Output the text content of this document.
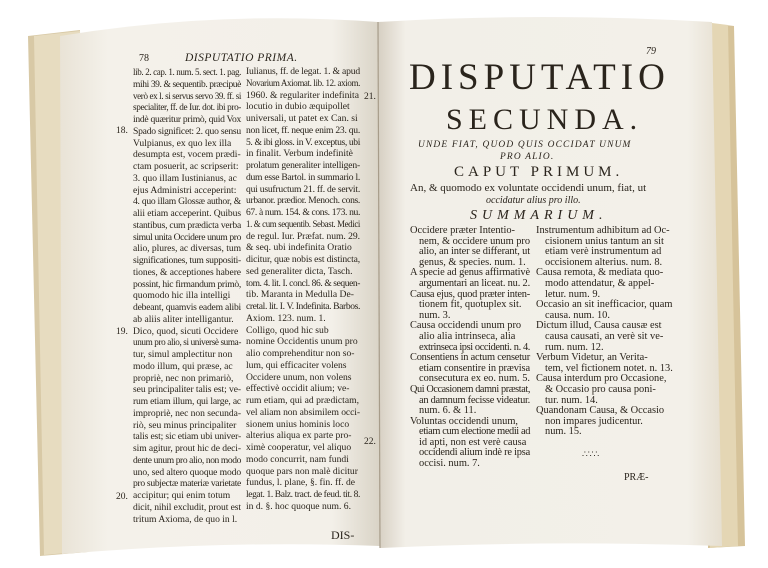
78	DISPUTATIO PRIMA.
lib. 2. cap. 1. num. 5. sect. 1. pag.
mihi 39. & sequentib. præcipuè
verò ex l. si servus servo 39. ff. si
specialiter, ff. de Iur. dot. ibi pro-
indè quæritur primò, quid Vox
Spado significet: 2. quo sensu
Vulpianus, ex quo lex illa
desumpta est, vocem prædi-
ctam posuerit, ac scripserit:
3. quo illam Iustinianus, ac
ejus Administri acceperint:
4. quo illam Glossæ author, &
alii etiam acceperint. Quibus
stantibus, cum prædicta verba
simul unita Occidere unum pro
alio, plures, ac diversas, tum
significationes, tum suppositi-
tiones, & acceptiones habere
possint, hic firmandum primò,
quomodo hic illa intelligi
debeant, quamvis eadem alibi
ab aliis aliter intelligantur.
Dico, quod, sicuti Occidere
unum pro alio, si universè suma-
tur, simul amplectitur non
modo illum, qui præse, ac
propriè, nec non primariò,
seu principaliter talis est; ve-
rum etiam illum, qui large, ac
impropriè, nec non secunda-
riò, seu minus principaliter
talis est; sic etiam ubi univer-
sim agitur, prout hic de deci-
dente unum pro alio, non modo
uno, sed altero quoque modo
pro subjectæ materiæ varietate
accipitur; qui enim totum
dicit, nihil excludit, prout est
tritum Axioma, de quo in l.
Iulianus, ff. de legat. 1. & apud
Novarium Axiomat. lib. 12. axiom.
1960. & regulariter indefinita
locutio in dubio æquipollet
universali, ut patet ex Can. si
non licet, ff. neque enim 23. qu.
5. & ibi gloss. in V. exceptus, ubi
in finalit. Verbum indefinitè
prolatum generaliter intelligen-
dum esse Bartol. in summario l.
qui usufructum 21. ff. de servit.
urbanor. prædior. Menoch. cons.
67. à num. 154. & cons. 173. nu.
1. & cum sequentib. Sebast. Medici
de regul. Iur. Præfat. num. 29.
& seq. ubi indefinita Oratio
dicitur, quæ nobis est distincta,
sed generaliter dicta, Tasch.
tom. 4. lit. I. concl. 86. & sequen-
tib. Maranta in Medulla De-
cretal. lit. I. V. Indefinita. Barbos.
Axiom. 123. num. 1.
Colligo, quod hic sub
nomine Occidentis unum pro
alio comprehenditur non so-
lum, qui efficaciter volens
Occidere unum, non volens
effectivè occidit alium; ve-
rum etiam, qui ad prædictam,
vel aliam non absimilem occi-
sionem unius hominis loco
alterius aliqua ex parte pro-
ximè cooperatur, vel aliquo
modo concurrit, nam fundi
quoque pars non malè dicitur
fundus, l. plane, §. fin. ff. de
legat. 1. Balz. tract. de feud. tit. 8.
in d. §. hoc quoque num. 6.
18.
19.
20.
21.
22.
DIS-
79
DISPUTATIO
SECUNDA.
UNDE FIAT, QUOD QUIS OCCIDAT UNUM
PRO ALIO.
CAPUT PRIMUM.
An, & quomodo ex voluntate occidendi unum, fiat, ut
occidatur alius pro illo.
SUMMARIUM.
Occidere præter Intentio-
nem, & occidere unum pro
alio, an inter se differant, ut
genus, & species. num. 1.
A specie ad genus affirmativè
argumentari an liceat. nu. 2.
Causa ejus, quod præter inten-
tionem fit, quotuplex sit.
num. 3.
Causa occidendi unum pro
alio alia intrinseca, alia
extrinseca ipsi occidenti. n. 4.
Consentiens in actum censetur
etiam consentire in prævisa
consecutura ex eo. num. 5.
Qui Occasionem damni præstat,
an damnum fecisse videatur.
num. 6. & 11.
Voluntas occidendi unum,
etiam cum electione medii ad
id apti, non est verè causa
occidendi alium indè re ipsa
occisi. num. 7.
Instrumentum adhibitum ad Oc-
cisionem unius tantum an sit
etiam verè instrumentum ad
occisionem alterius. num. 8.
Causa remota, & mediata quo-
modo attendatur, & appel-
letur. num. 9.
Occasio an sit inefficacior, quam
causa. num. 10.
Dictum illud, Causa causæ est
causa causati, an verè sit ve-
rum. num. 12.
Verbum Videtur, an Verita-
tem, vel fictionem notet. n. 13.
Causa interdum pro Occasione,
& Occasio pro causa poni-
tur. num. 14.
Quandonam Causa, & Occasio
non impares judicentur.
num. 15.
∴∵∴
PRÆ-
